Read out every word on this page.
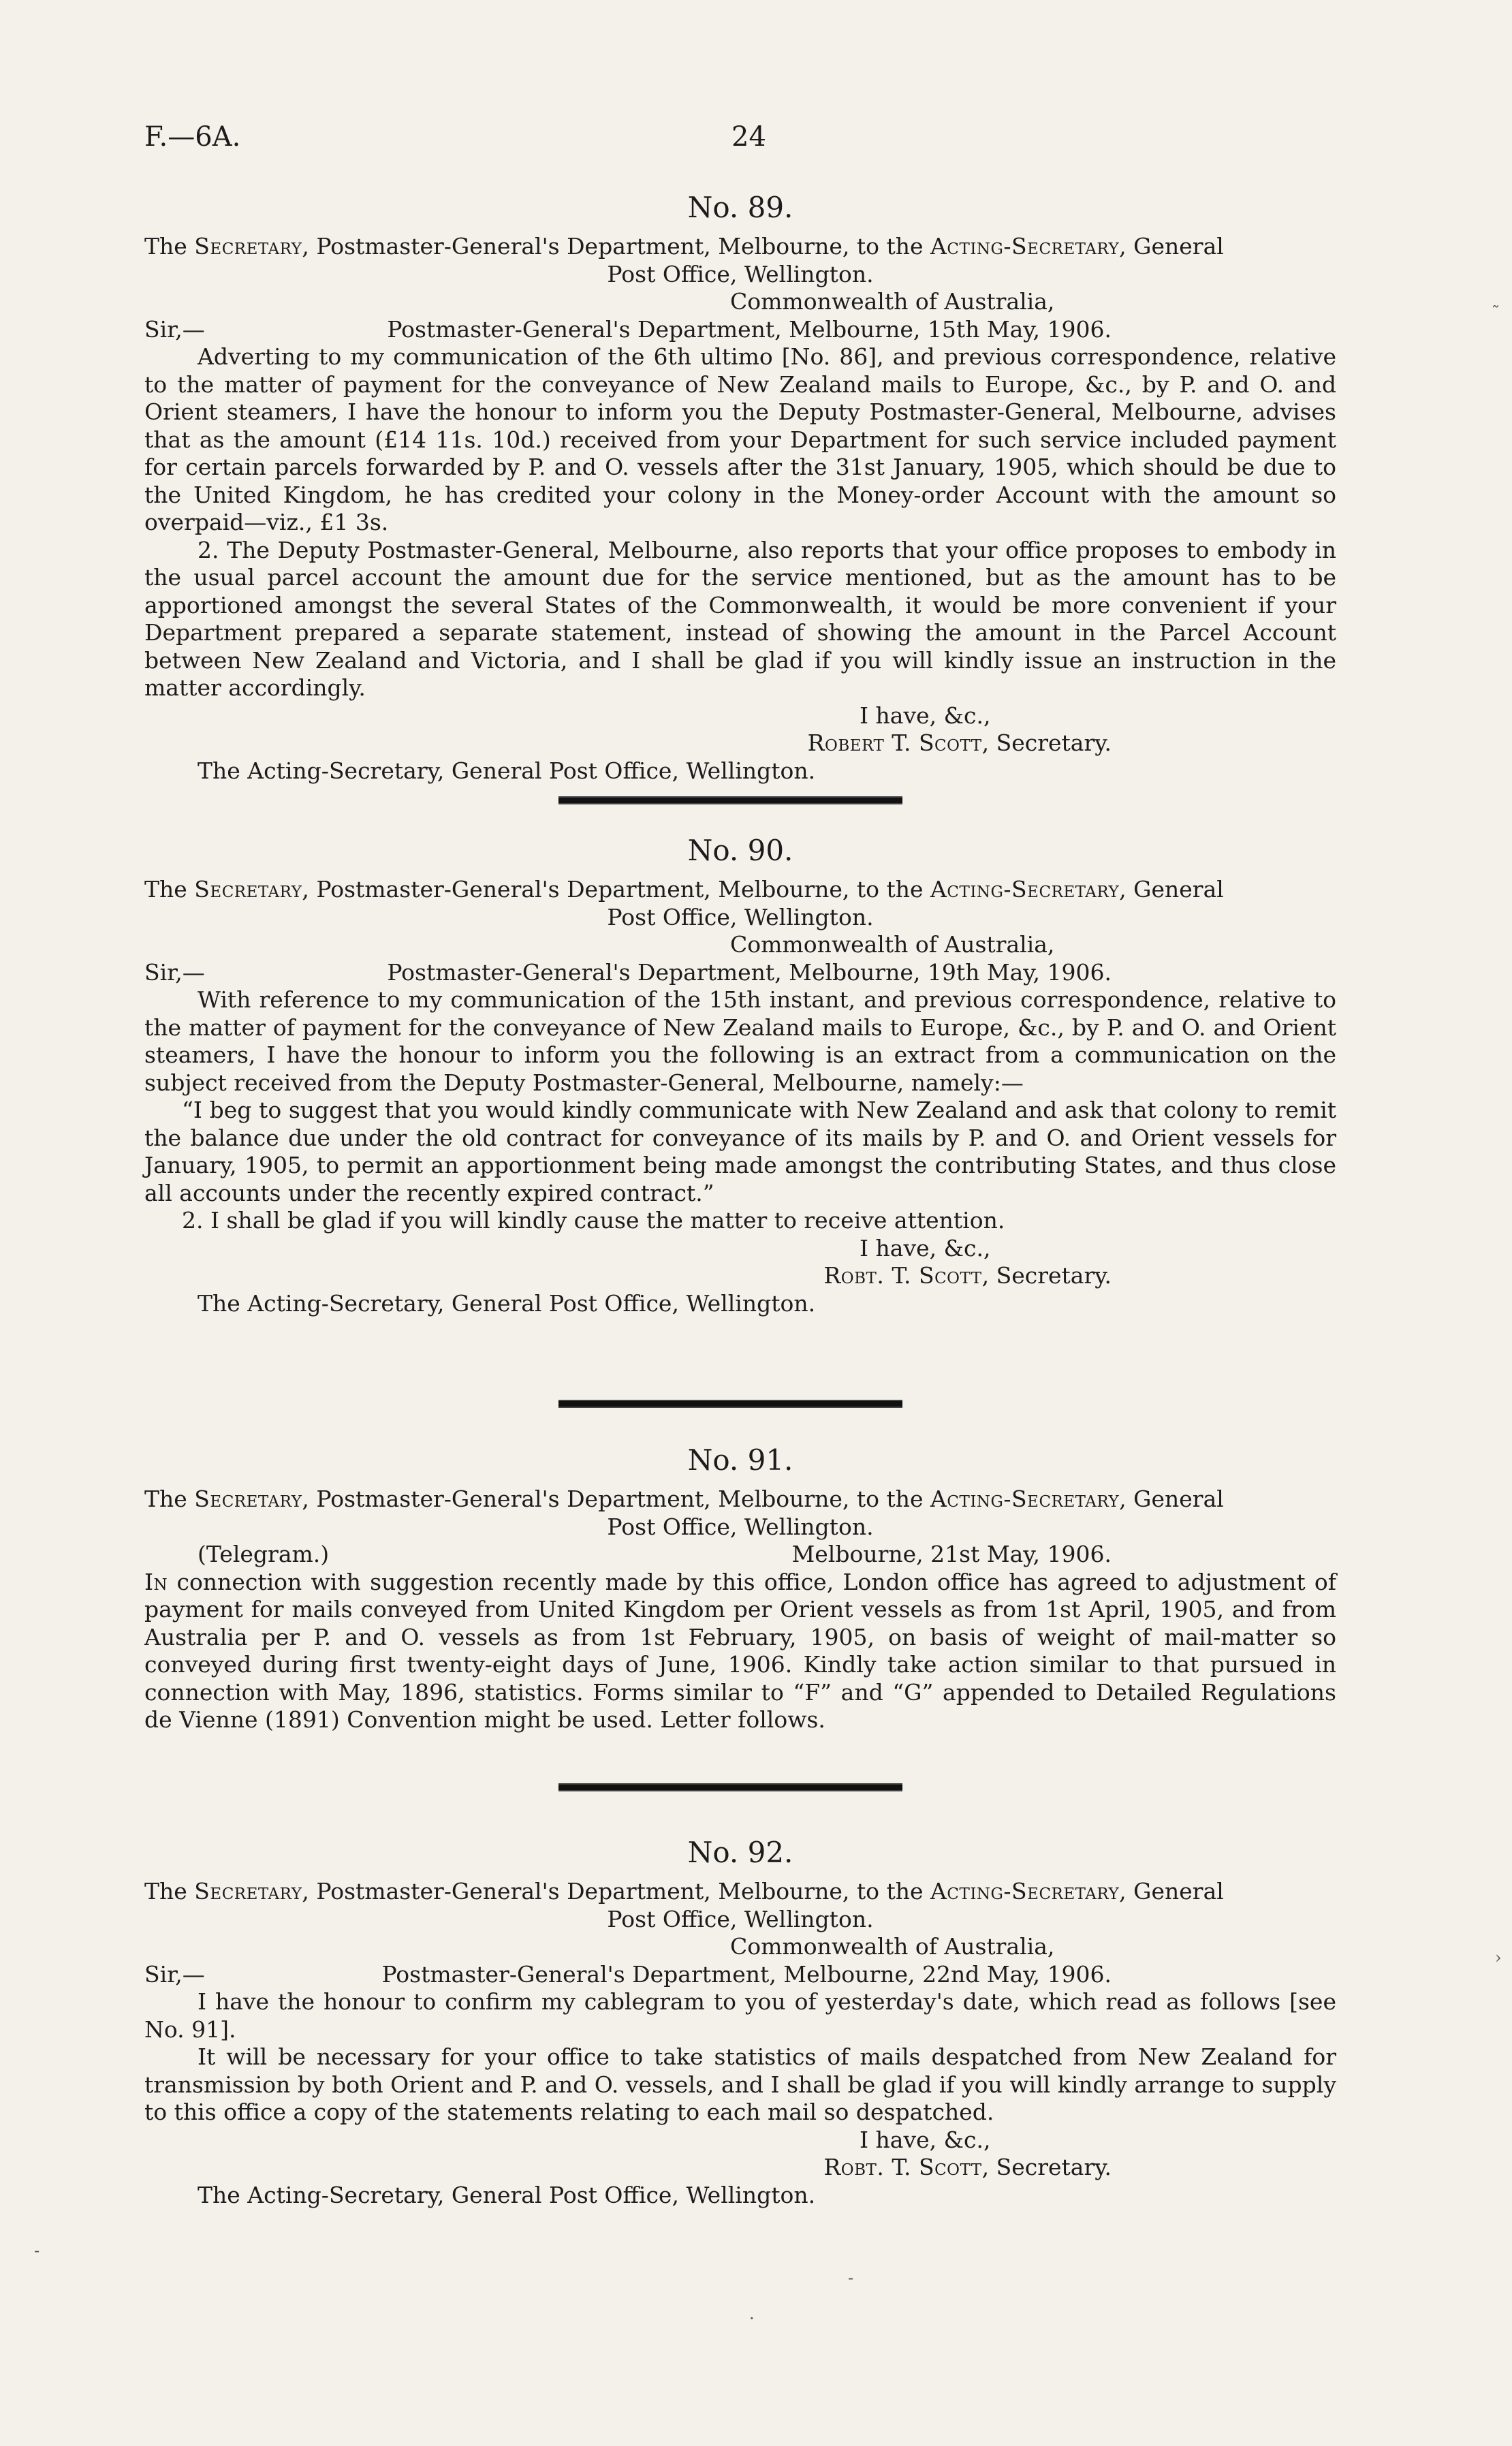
F.—6A.	24
No. 89.
The Secretary, Postmaster-General's Department, Melbourne, to the Acting-Secretary, General
Post Office, Wellington.
Commonwealth of Australia,
Sir,—	Postmaster-General's Department, Melbourne, 15th May, 1906.

Adverting to my communication of the 6th ultimo [No. 86], and previous correspondence, relative to the matter of payment for the conveyance of New Zealand mails to Europe, &c., by P. and O. and Orient steamers, I have the honour to inform you the Deputy Postmaster-General, Melbourne, advises that as the amount (£14 11s. 10d.) received from your Department for such service included payment for certain parcels forwarded by P. and O. vessels after the 31st January, 1905, which should be due to the United Kingdom, he has credited your colony in the Money-order Account with the amount so overpaid—viz., £1 3s.

2. The Deputy Postmaster-General, Melbourne, also reports that your office proposes to embody in the usual parcel account the amount due for the service mentioned, but as the amount has to be apportioned amongst the several States of the Commonwealth, it would be more convenient if your Department prepared a separate statement, instead of showing the amount in the Parcel Account between New Zealand and Victoria, and I shall be glad if you will kindly issue an instruction in the matter accordingly.

I have, &c.,
Robert T. Scott, Secretary.
The Acting-Secretary, General Post Office, Wellington.
No. 90.
The Secretary, Postmaster-General's Department, Melbourne, to the Acting-Secretary, General
Post Office, Wellington.
Commonwealth of Australia,
Sir,—	Postmaster-General's Department, Melbourne, 19th May, 1906.

With reference to my communication of the 15th instant, and previous correspondence, relative to the matter of payment for the conveyance of New Zealand mails to Europe, &c., by P. and O. and Orient steamers, I have the honour to inform you the following is an extract from a communication on the subject received from the Deputy Postmaster-General, Melbourne, namely:—

“I beg to suggest that you would kindly communicate with New Zealand and ask that colony to remit the balance due under the old contract for conveyance of its mails by P. and O. and Orient vessels for January, 1905, to permit an apportionment being made amongst the contributing States, and thus close all accounts under the recently expired contract.”

2. I shall be glad if you will kindly cause the matter to receive attention.

I have, &c.,
Robt. T. Scott, Secretary.
The Acting-Secretary, General Post Office, Wellington.
No. 91.
The Secretary, Postmaster-General's Department, Melbourne, to the Acting-Secretary, General
Post Office, Wellington.
(Telegram.)	Melbourne, 21st May, 1906.

In connection with suggestion recently made by this office, London office has agreed to adjustment of payment for mails conveyed from United Kingdom per Orient vessels as from 1st April, 1905, and from Australia per P. and O. vessels as from 1st February, 1905, on basis of weight of mail-matter so conveyed during first twenty-eight days of June, 1906. Kindly take action similar to that pursued in connection with May, 1896, statistics. Forms similar to “F” and “G” appended to Detailed Regulations de Vienne (1891) Convention might be used. Letter follows.

No. 92.
The Secretary, Postmaster-General's Department, Melbourne, to the Acting-Secretary, General
Post Office, Wellington.
Commonwealth of Australia,
Sir,—	Postmaster-General's Department, Melbourne, 22nd May, 1906.

I have the honour to confirm my cablegram to you of yesterday's date, which read as follows [see No. 91].

It will be necessary for your office to take statistics of mails despatched from New Zealand for transmission by both Orient and P. and O. vessels, and I shall be glad if you will kindly arrange to supply to this office a copy of the statements relating to each mail so despatched.

I have, &c.,
Robt. T. Scott, Secretary.
The Acting-Secretary, General Post Office, Wellington.
˜
›
-
-
·
